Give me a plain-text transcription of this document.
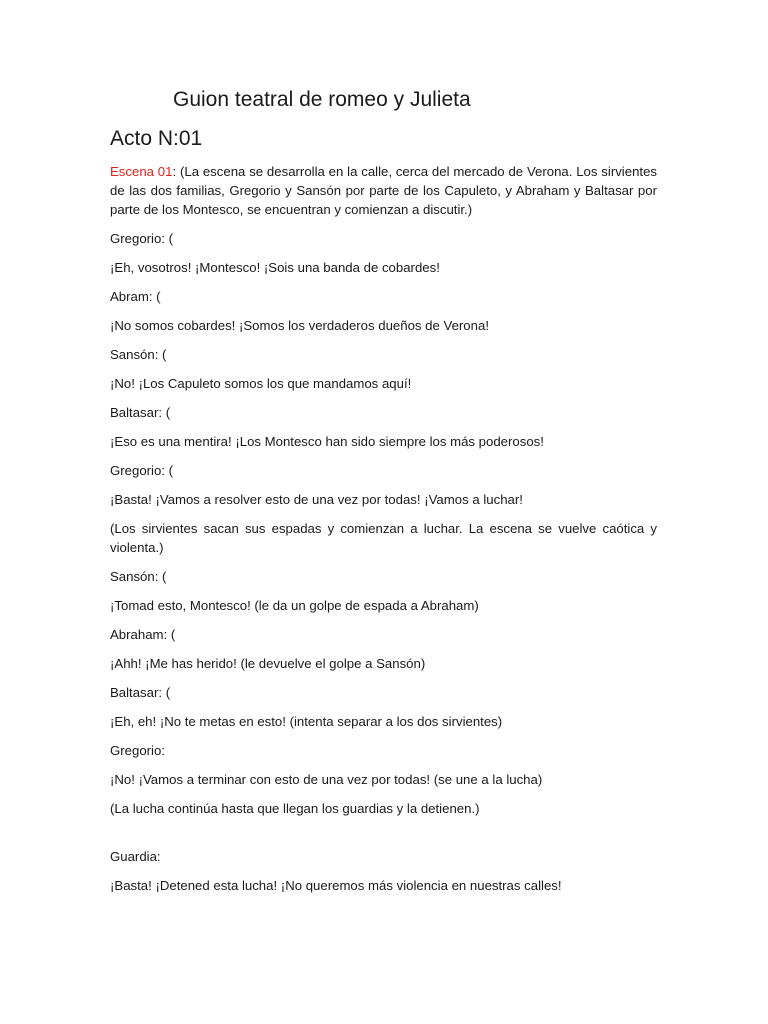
Guion teatral de romeo y Julieta
Acto N:01

Escena 01: (La escena se desarrolla en la calle, cerca del mercado de Verona. Los sirvientes de las dos familias, Gregorio y Sansón por parte de los Capuleto, y Abraham y Baltasar por parte de los Montesco, se encuentran y comienzan a discutir.)

Gregorio: (

¡Eh, vosotros! ¡Montesco! ¡Sois una banda de cobardes!

Abram: (

¡No somos cobardes! ¡Somos los verdaderos dueños de Verona!

Sansón: (

¡No! ¡Los Capuleto somos los que mandamos aquí!

Baltasar: (

¡Eso es una mentira! ¡Los Montesco han sido siempre los más poderosos!

Gregorio: (

¡Basta! ¡Vamos a resolver esto de una vez por todas! ¡Vamos a luchar!

(Los sirvientes sacan sus espadas y comienzan a luchar. La escena se vuelve caótica y violenta.)

Sansón: (

¡Tomad esto, Montesco! (le da un golpe de espada a Abraham)

Abraham: (

¡Ahh! ¡Me has herido! (le devuelve el golpe a Sansón)

Baltasar: (

¡Eh, eh! ¡No te metas en esto! (intenta separar a los dos sirvientes)

Gregorio:

¡No! ¡Vamos a terminar con esto de una vez por todas! (se une a la lucha)

(La lucha continúa hasta que llegan los guardias y la detienen.)

Guardia:

¡Basta! ¡Detened esta lucha! ¡No queremos más violencia en nuestras calles!
